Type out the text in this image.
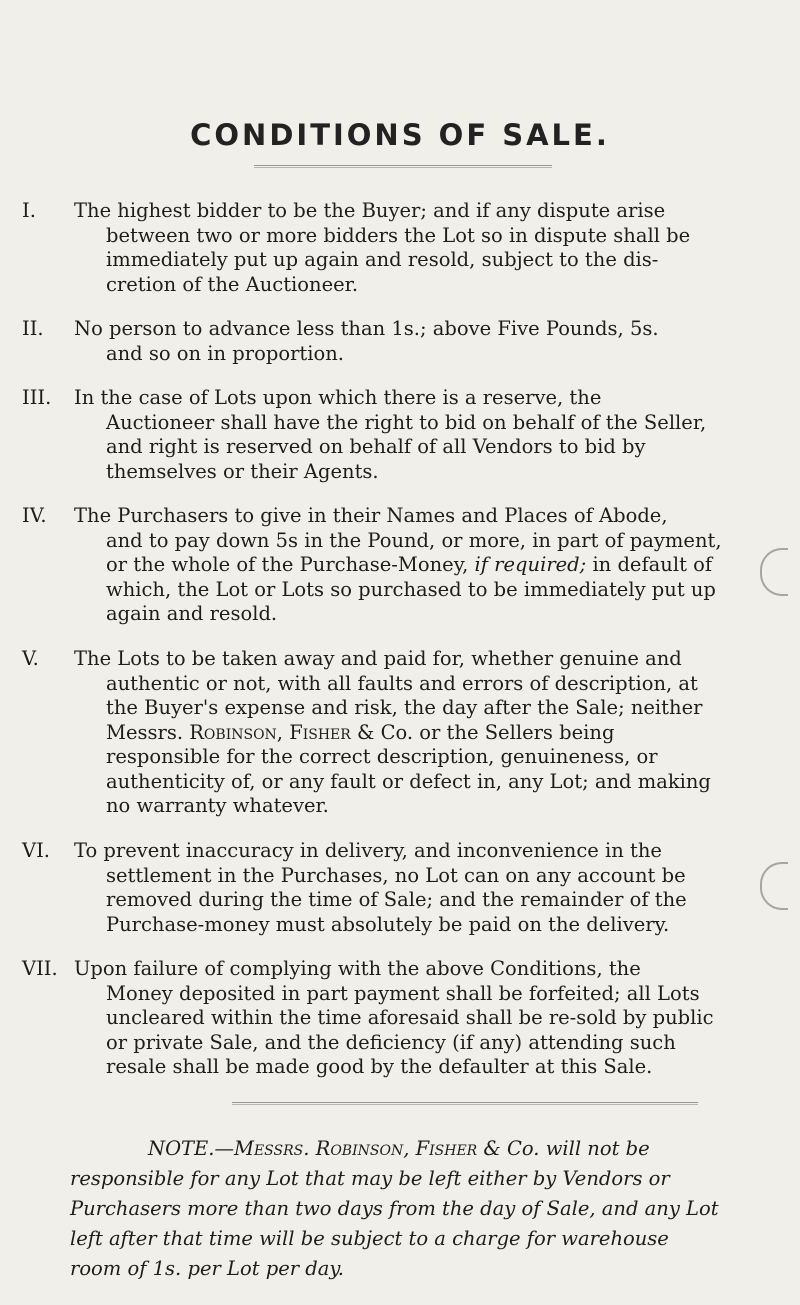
CONDITIONS OF SALE.
I.	The highest bidder to be the Buyer; and if any dispute arise
between two or more bidders the Lot so in dispute shall be immediately put up again and resold, subject to the dis- cretion of the Auctioneer.
II.	No person to advance less than 1s.; above Five Pounds, 5s.
and so on in proportion.
III.	In the case of Lots upon which there is a reserve, the
Auctioneer shall have the right to bid on behalf of the Seller, and right is reserved on behalf of all Vendors to bid by themselves or their Agents.
IV.	The Purchasers to give in their Names and Places of Abode,
and to pay down 5s in the Pound, or more, in part of payment, or the whole of the Purchase-Money, if required; in default of which, the Lot or Lots so purchased to be immediately put up again and resold.
V.	The Lots to be taken away and paid for, whether genuine and
authentic or not, with all faults and errors of description, at the Buyer's expense and risk, the day after the Sale; neither Messrs. Robinson, Fisher & Co. or the Sellers being responsible for the correct description, genuineness, or authenticity of, or any fault or defect in, any Lot; and making no warranty whatever.
VI.	To prevent inaccuracy in delivery, and inconvenience in the
settlement in the Purchases, no Lot can on any account be removed during the time of Sale; and the remainder of the Purchase-money must absolutely be paid on the delivery.
VII. Upon failure of complying with the above Conditions, the
Money deposited in part payment shall be forfeited; all Lots uncleared within the time aforesaid shall be re-sold by public or private Sale, and the deficiency (if any) attending such resale shall be made good by the defaulter at this Sale.
NOTE.—Messrs. Robinson, Fisher & Co. will not be responsible for any Lot that may be left either by Vendors or Purchasers more than two days from the day of Sale, and any Lot left after that time will be subject to a charge for warehouse room of 1s. per Lot per day.
